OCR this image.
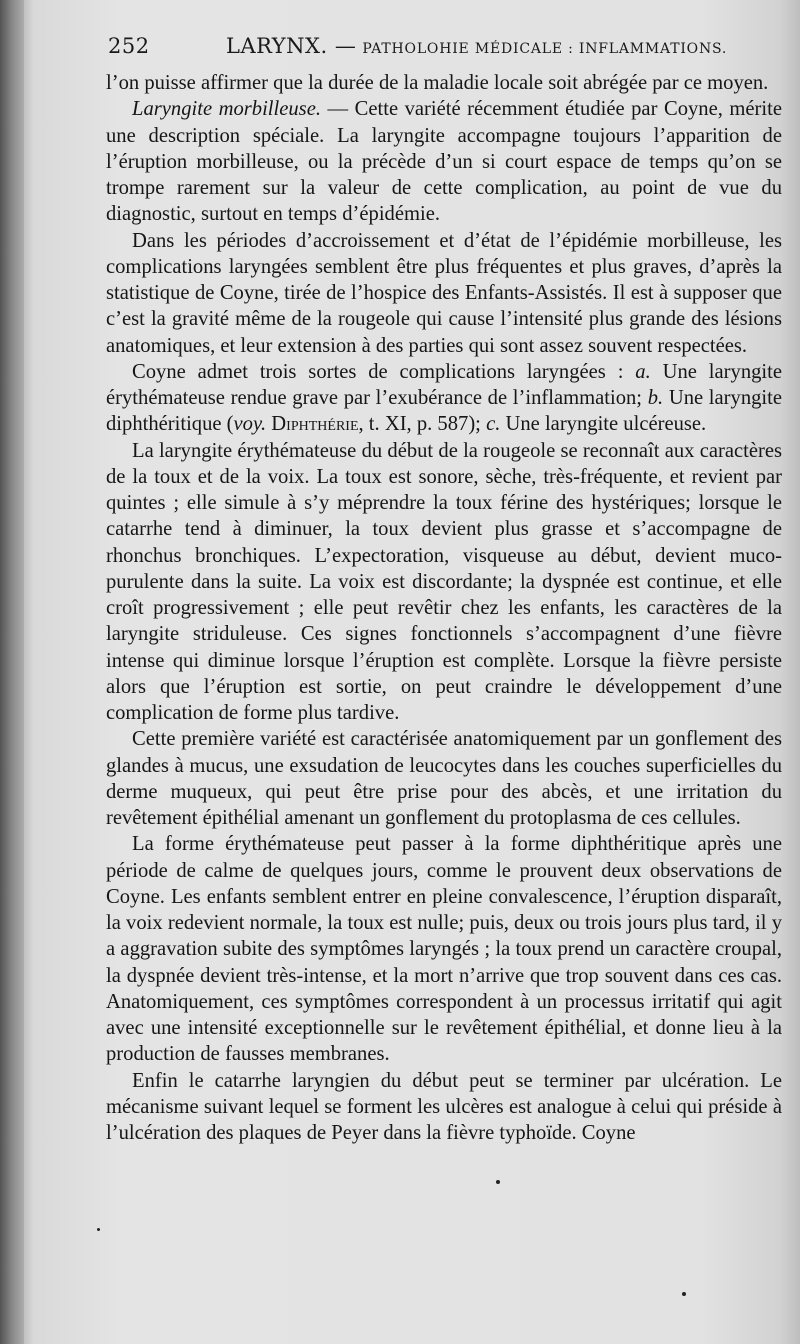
252	LARYNX. — PATHOLOHIE MÉDICALE : INFLAMMATIONS.

l’on puisse affirmer que la durée de la maladie locale soit abrégée par ce moyen.

Laryngite morbilleuse. — Cette variété récemment étudiée par Coyne, mérite une description spéciale. La laryngite accompagne toujours l’apparition de l’éruption morbilleuse, ou la précède d’un si court espace de temps qu’on se trompe rarement sur la valeur de cette complication, au point de vue du diagnostic, surtout en temps d’épidémie.

Dans les périodes d’accroissement et d’état de l’épidémie morbilleuse, les complications laryngées semblent être plus fréquentes et plus graves, d’après la statistique de Coyne, tirée de l’hospice des Enfants-Assistés. Il est à supposer que c’est la gravité même de la rougeole qui cause l’intensité plus grande des lésions anatomiques, et leur extension à des parties qui sont assez souvent respectées.

Coyne admet trois sortes de complications laryngées : a. Une laryngite érythémateuse rendue grave par l’exubérance de l’inflammation; b. Une laryngite diphthéritique (voy. Diphthérie, t. XI, p. 587); c. Une laryngite ulcéreuse.

La laryngite érythémateuse du début de la rougeole se reconnaît aux caractères de la toux et de la voix. La toux est sonore, sèche, très-fréquente, et revient par quintes ; elle simule à s’y méprendre la toux férine des hystériques; lorsque le catarrhe tend à diminuer, la toux devient plus grasse et s’accompagne de rhonchus bronchiques. L’expectoration, visqueuse au début, devient muco-purulente dans la suite. La voix est discordante; la dyspnée est continue, et elle croît progressivement ; elle peut revêtir chez les enfants, les caractères de la laryngite striduleuse. Ces signes fonctionnels s’accompagnent d’une fièvre intense qui diminue lorsque l’éruption est complète. Lorsque la fièvre persiste alors que l’éruption est sortie, on peut craindre le développement d’une complication de forme plus tardive.

Cette première variété est caractérisée anatomiquement par un gonflement des glandes à mucus, une exsudation de leucocytes dans les couches superficielles du derme muqueux, qui peut être prise pour des abcès, et une irritation du revêtement épithélial amenant un gonflement du protoplasma de ces cellules.

La forme érythémateuse peut passer à la forme diphthéritique après une période de calme de quelques jours, comme le prouvent deux observations de Coyne. Les enfants semblent entrer en pleine convalescence, l’éruption disparaît, la voix redevient normale, la toux est nulle; puis, deux ou trois jours plus tard, il y a aggravation subite des symptômes laryngés ; la toux prend un caractère croupal, la dyspnée devient très-intense, et la mort n’arrive que trop souvent dans ces cas. Anatomiquement, ces symptômes correspondent à un processus irritatif qui agit avec une intensité exceptionnelle sur le revêtement épithélial, et donne lieu à la production de fausses membranes.

Enfin le catarrhe laryngien du début peut se terminer par ulcération. Le mécanisme suivant lequel se forment les ulcères est analogue à celui qui préside à l’ulcération des plaques de Peyer dans la fièvre typhoïde. Coyne
